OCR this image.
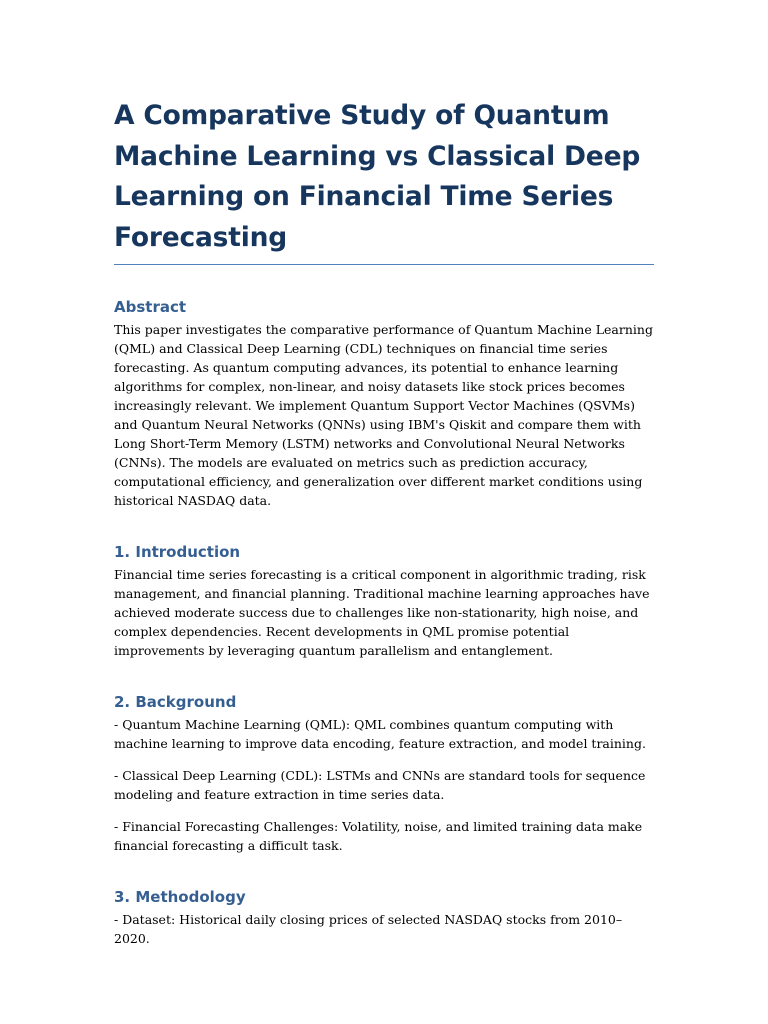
A Comparative Study of Quantum Machine Learning vs Classical Deep Learning on Financial Time Series Forecasting
Abstract

This paper investigates the comparative performance of Quantum Machine Learning (QML) and Classical Deep Learning (CDL) techniques on financial time series forecasting. As quantum computing advances, its potential to enhance learning algorithms for complex, non-linear, and noisy datasets like stock prices becomes increasingly relevant. We implement Quantum Support Vector Machines (QSVMs) and Quantum Neural Networks (QNNs) using IBM's Qiskit and compare them with Long Short-Term Memory (LSTM) networks and Convolutional Neural Networks (CNNs). The models are evaluated on metrics such as prediction accuracy, computational efficiency, and generalization over different market conditions using historical NASDAQ data.

1. Introduction

Financial time series forecasting is a critical component in algorithmic trading, risk management, and financial planning. Traditional machine learning approaches have achieved moderate success due to challenges like non-stationarity, high noise, and complex dependencies. Recent developments in QML promise potential improvements by leveraging quantum parallelism and entanglement.

2. Background

- Quantum Machine Learning (QML): QML combines quantum computing with machine learning to improve data encoding, feature extraction, and model training.

- Classical Deep Learning (CDL): LSTMs and CNNs are standard tools for sequence modeling and feature extraction in time series data.

- Financial Forecasting Challenges: Volatility, noise, and limited training data make financial forecasting a difficult task.

3. Methodology

- Dataset: Historical daily closing prices of selected NASDAQ stocks from 2010–2020.
